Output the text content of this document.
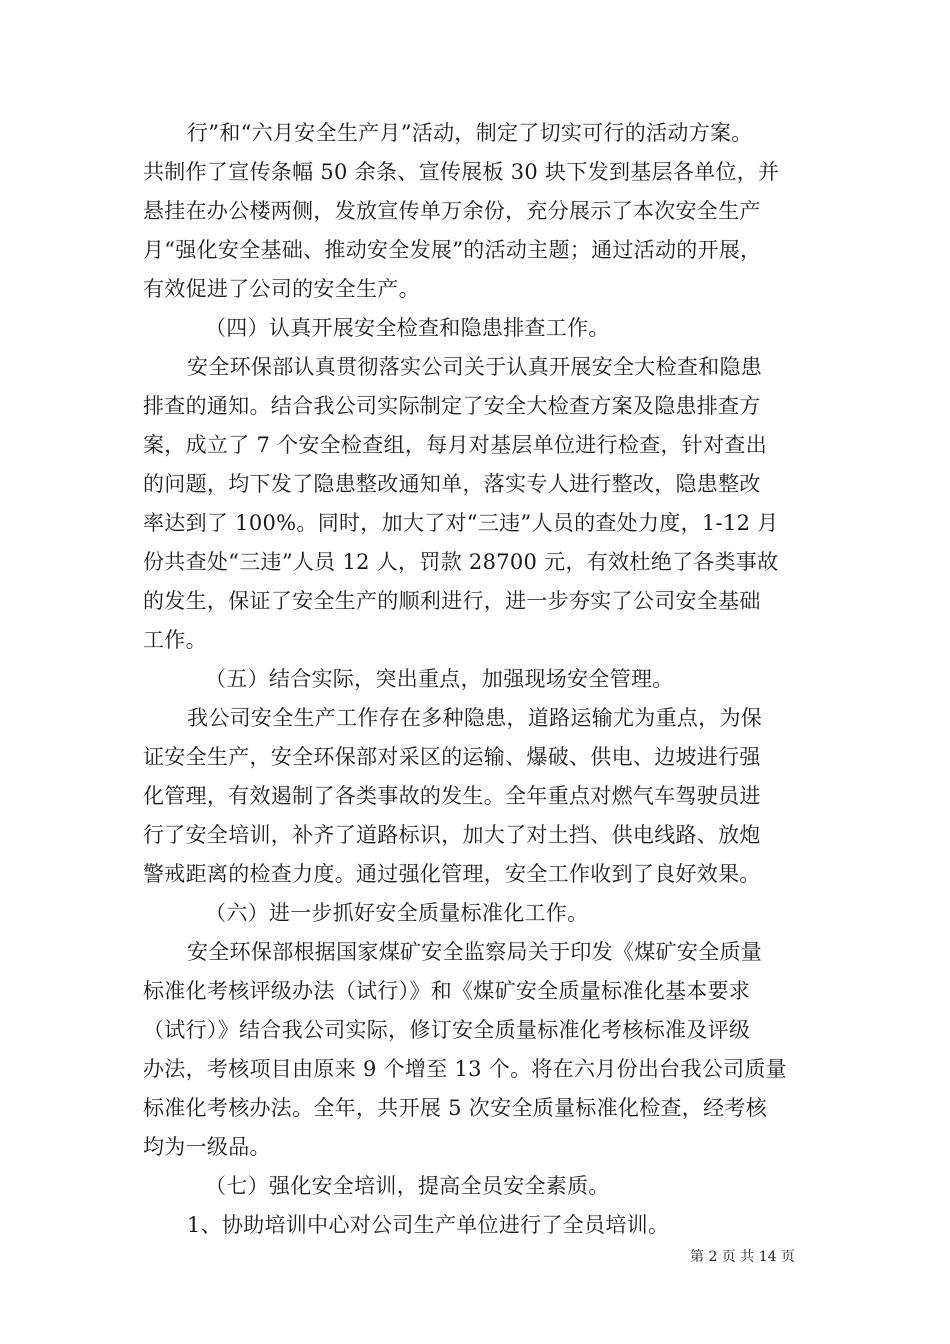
行”和“六月安全生产月”活动，制定了切实可行的活动方案。
共制作了宣传条幅 50 余条、宣传展板 30 块下发到基层各单位，并
悬挂在办公楼两侧，发放宣传单万余份，充分展示了本次安全生产
月“强化安全基础、推动安全发展”的活动主题；通过活动的开展，
有效促进了公司的安全生产。
（四）认真开展安全检查和隐患排查工作。
安全环保部认真贯彻落实公司关于认真开展安全大检查和隐患
排查的通知。结合我公司实际制定了安全大检查方案及隐患排查方
案，成立了 7 个安全检查组，每月对基层单位进行检查，针对查出
的问题，均下发了隐患整改通知单，落实专人进行整改，隐患整改
率达到了 100%。同时，加大了对“三违”人员的查处力度，1-12 月
份共查处“三违”人员 12 人，罚款 28700 元，有效杜绝了各类事故
的发生，保证了安全生产的顺利进行，进一步夯实了公司安全基础
工作。
（五）结合实际，突出重点，加强现场安全管理。
我公司安全生产工作存在多种隐患，道路运输尤为重点，为保
证安全生产，安全环保部对采区的运输、爆破、供电、边坡进行强
化管理，有效遏制了各类事故的发生。全年重点对燃气车驾驶员进
行了安全培训，补齐了道路标识，加大了对土挡、供电线路、放炮
警戒距离的检查力度。通过强化管理，安全工作收到了良好效果。
（六）进一步抓好安全质量标准化工作。
安全环保部根据国家煤矿安全监察局关于印发《煤矿安全质量
标准化考核评级办法（试行）》和《煤矿安全质量标准化基本要求
（试行）》结合我公司实际，修订安全质量标准化考核标准及评级
办法，考核项目由原来 9 个增至 13 个。将在六月份出台我公司质量
标准化考核办法。全年，共开展 5 次安全质量标准化检查，经考核
均为一级品。
（七）强化安全培训，提高全员安全素质。
1、协助培训中心对公司生产单位进行了全员培训。
第 2 页 共 14 页
